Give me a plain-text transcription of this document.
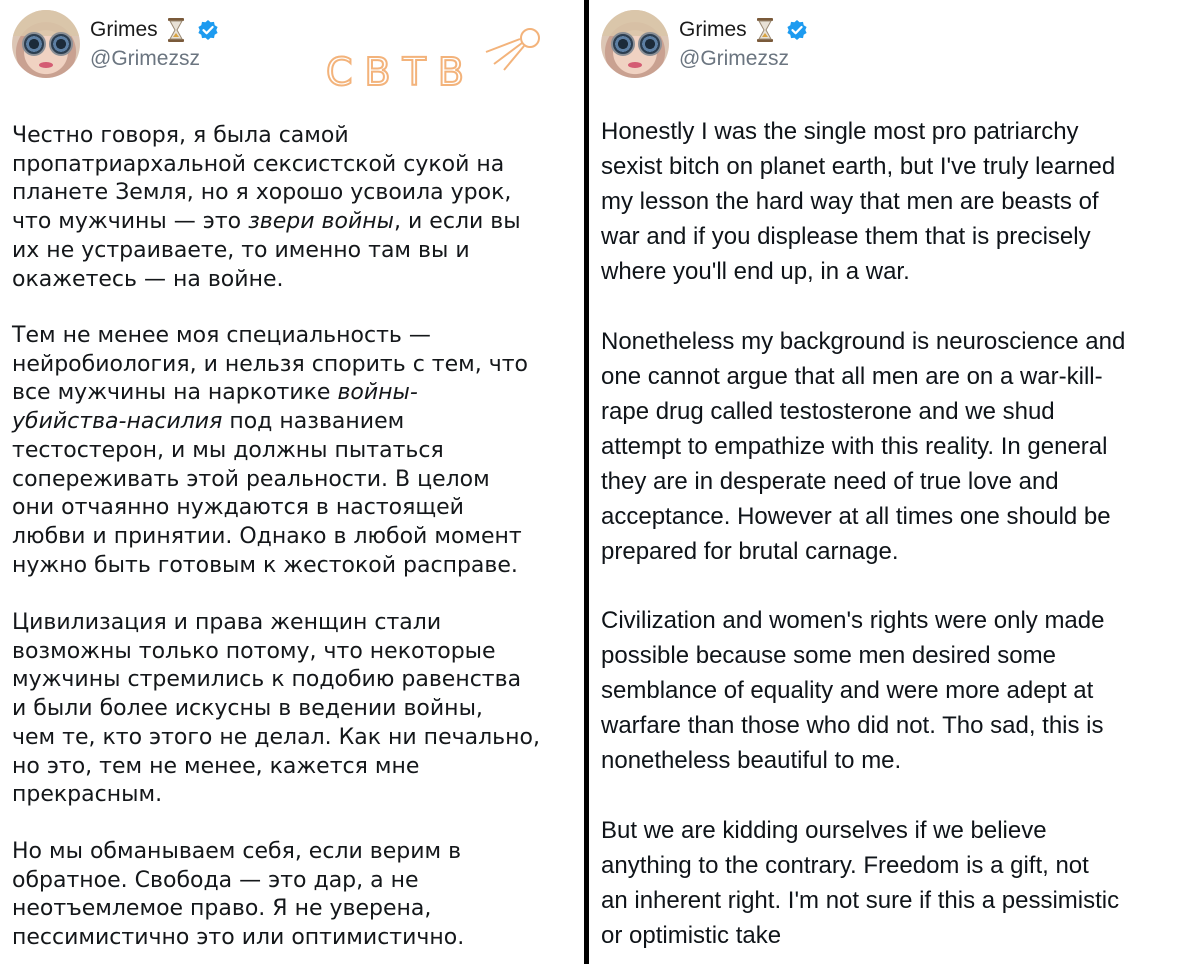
Grimes
@Grimezsz	CBTB

Честно говоря, я была самой
пропатриархальной сексистской сукой на
планете Земля, но я хорошо усвоила урок,
что мужчины — это звери войны, и если вы
их не устраиваете, то именно там вы и
окажетесь — на войне.

Тем не менее моя специальность —
нейробиология, и нельзя спорить с тем, что
все мужчины на наркотике войны-
убийства-насилия под названием
тестостерон, и мы должны пытаться
сопереживать этой реальности. В целом
они отчаянно нуждаются в настоящей
любви и принятии. Однако в любой момент
нужно быть готовым к жестокой расправе.

Цивилизация и права женщин стали
возможны только потому, что некоторые
мужчины стремились к подобию равенства
и были более искусны в ведении войны,
чем те, кто этого не делал. Как ни печально,
но это, тем не менее, кажется мне
прекрасным.

Но мы обманываем себя, если верим в
обратное. Свобода — это дар, а не
неотъемлемое право. Я не уверена,
пессимистично это или оптимистично.

Grimes
@Grimezsz

Honestly I was the single most pro patriarchy
sexist bitch on planet earth, but I've truly learned
my lesson the hard way that men are beasts of
war and if you displease them that is precisely
where you'll end up, in a war.

Nonetheless my background is neuroscience and
one cannot argue that all men are on a war-kill-
rape drug called testosterone and we shud
attempt to empathize with this reality. In general
they are in desperate need of true love and
acceptance. However at all times one should be
prepared for brutal carnage.

Civilization and women's rights were only made
possible because some men desired some
semblance of equality and were more adept at
warfare than those who did not. Tho sad, this is
nonetheless beautiful to me.

But we are kidding ourselves if we believe
anything to the contrary. Freedom is a gift, not
an inherent right. I'm not sure if this a pessimistic
or optimistic take
